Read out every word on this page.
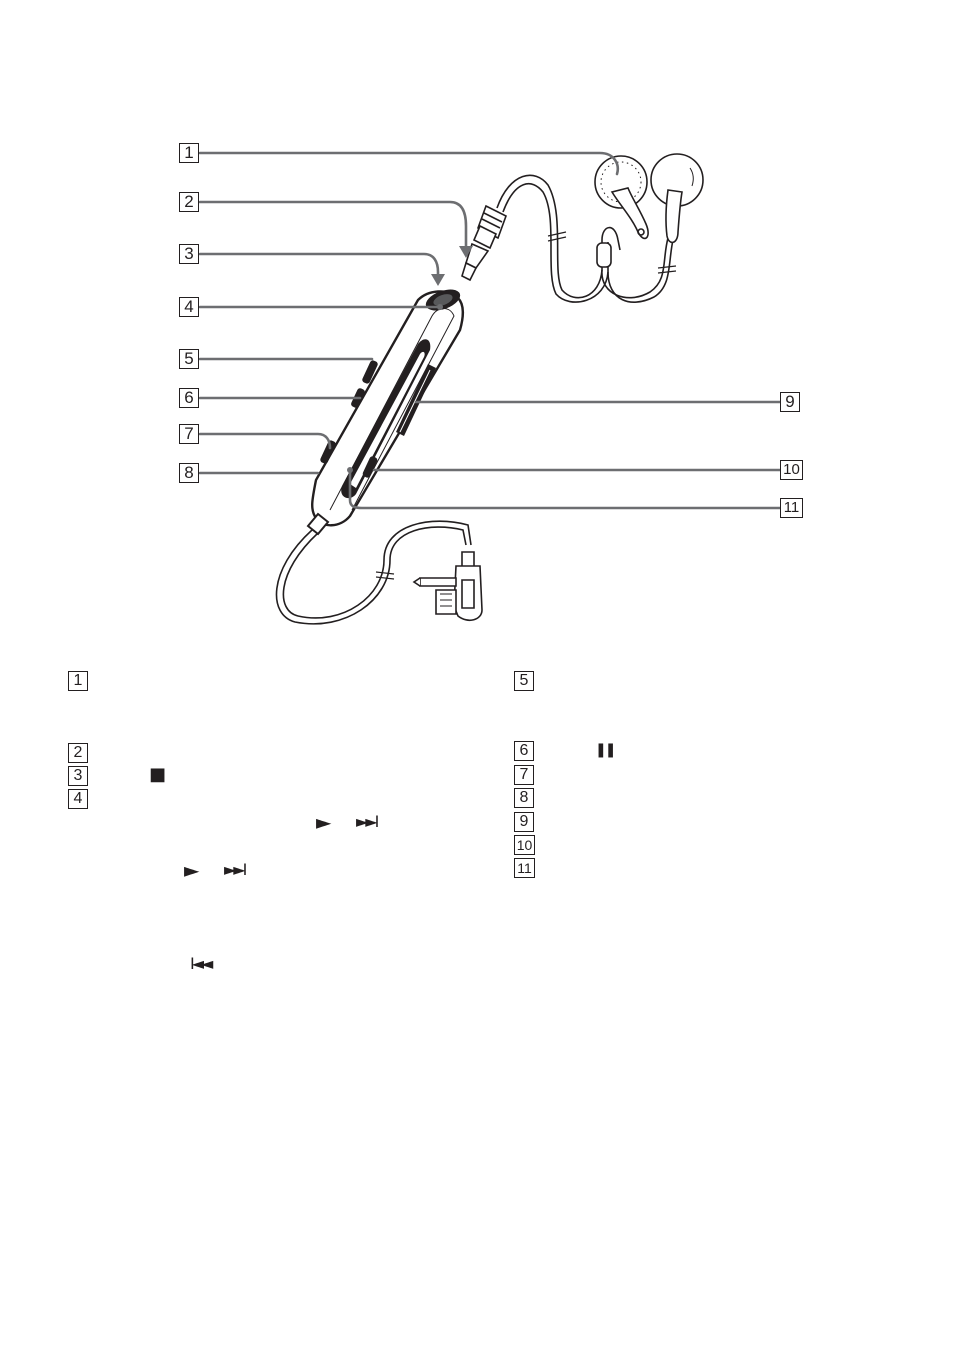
1
2
3
4
5
6
7
8
9
10
11
1
2
3
4
■
► ►►I
► ►►I
I◄◄
5
6
7
8
9
10
11
❚❚
